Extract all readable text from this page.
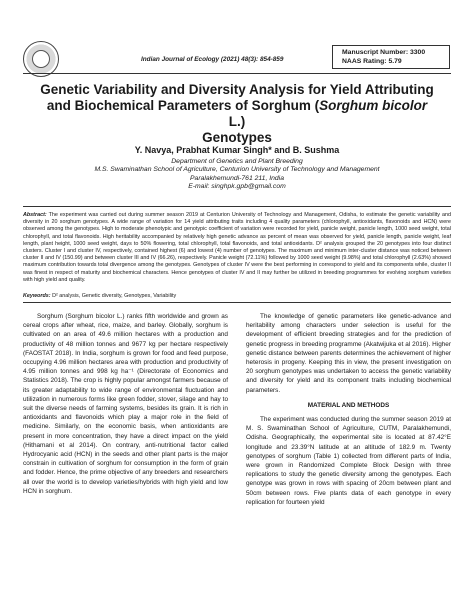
Indian Journal of Ecology (2021) 48(3): 854-859
Manuscript Number: 3300
NAAS Rating: 5.79
Genetic Variability and Diversity Analysis for Yield Attributing
and Biochemical Parameters of Sorghum (Sorghum bicolor L.)
Genotypes
Y. Navya, Prabhat Kumar Singh* and B. Sushma
Department of Genetics and Plant Breeding
M.S. Swaminathan School of Agriculture, Centurion University of Technology and Management
Paralakhemundi-761 211, India
E-mail: singhpk.gpb@gmail.com
Abstract: The experiment was carried out during summer season 2019 at Centurion University of Technology and Management, Odisha, to estimate the genetic variability and diversity in 20 sorghum genotypes. A wide range of variation for 14 yield attributing traits including 4 quality parameters (chlorophyll, antioxidants, flavonoids and HCN) were observed among the genotypes. High to moderate phenotypic and genotypic coefficient of variation were recorded for yield, panicle weight, panicle length, 1000 seed weight, total chlorophyll, and total flavonoids. High heritability accompanied by relatively high genetic advance as percent of mean was observed for yield, panicle length, panicle weight, leaf length, plant height, 1000 seed weight, days to 50% flowering, total chlorophyll, total flavonoids, and total antioxidants. D² analysis grouped the 20 genotypes into four distinct clusters. Cluster I and cluster IV, respectively, contained highest (6) and lowest (4) number of genotypes. The maximum and minimum inter-cluster distance was noticed between cluster II and IV (150.99) and between cluster III and IV (66.26), respectively. Panicle weight (72.11%) followed by 1000 seed weight (9.98%) and total chlorophyll (2.63%) showed maximum contribution towards total divergence among the genotypes. Genotypes of cluster IV were the best performing in correspond to yield and its components while, cluster II was finest in respect of maturity and biochemical characters. Hence genotypes of cluster IV and II may further be utilized in breeding programmes for evolving sorghum varieties with high yield and quality.
Keywords: D² analysis, Genetic diversity, Genotypes, Variability

Sorghum (Sorghum bicolor L.) ranks fifth worldwide and grown as cereal crops after wheat, rice, maize, and barley. Globally, sorghum is cultivated on an area of 49.6 million hectares with a production and productivity of 48 million tonnes and 9677 kg per hectare respectively (FAOSTAT 2018). In India, sorghum is grown for food and feed purpose, occupying 4.96 million hectares area with production and productivity of 4.95 million tonnes and 998 kg ha⁻¹ (Directorate of Economics and Statistics 2018). The crop is highly popular amongst farmers because of its greater adaptability to wide range of environmental fluctuation and utilization in numerous forms like green fodder, stover, silage and hay to suit the diverse needs of farming systems, besides its grain. It is rich in antioxidants and flavonoids which play a major role in the field of medicine. Similarly, on the economic basis, when antioxidants are present in more concentration, they have a direct impact on the yield (Hithamani et al 2014). On contrary, anti-nutritional factor called Hydrocyanic acid (HCN) in the seeds and other plant parts is the major constrain in cultivation of sorghum for consumption in the form of grain and fodder. Hence, the prime objective of any breeders and researchers all over the world is to develop varieties/hybrids with high yield and low HCN in sorghum.

The knowledge of genetic parameters like genetic-advance and heritability among characters under selection is useful for the development of efficient breeding strategies and for the prediction of genetic progress in breeding programme (Akatwijuka et al 2016). Higher genetic distance between parents determines the achievement of higher heterosis in progeny. Keeping this in view, the present investigation on 20 sorghum genotypes was undertaken to access the genetic variability and diversity for yield and its component traits including biochemical parameters.

MATERIAL AND METHODS

The experiment was conducted during the summer season 2019 at M. S. Swaminathan School of Agriculture, CUTM, Paralakhemundi, Odisha. Geographically, the experimental site is located at 87.42°E longitude and 23.39°N latitude at an altitude of 182.9 m. Twenty genotypes of sorghum (Table 1) collected from different parts of India, were grown in Randomized Complete Block Design with three replications to study the genetic diversity among the genotypes. Each genotype was grown in rows with spacing of 20cm between plant and 50cm between rows. Five plants data of each genotype in every replication for fourteen yield
